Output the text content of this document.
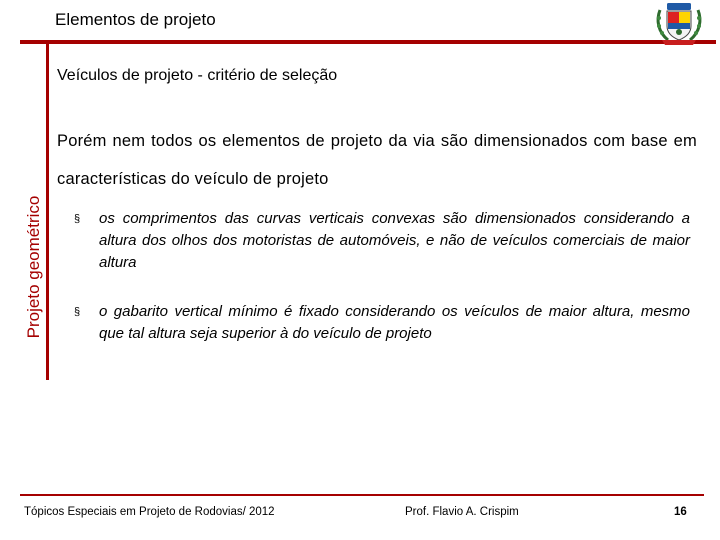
Elementos de projeto
Projeto geométrico
Veículos de projeto - critério de seleção
Porém nem todos os elementos de projeto da via são dimensionados com base em características do veículo de projeto
§ os comprimentos das curvas verticais convexas são dimensionados considerando a altura dos olhos dos motoristas de automóveis, e não de veículos comerciais de maior altura
§ o gabarito vertical mínimo é fixado considerando os veículos de maior altura, mesmo que tal altura seja superior à do veículo de projeto
Tópicos Especiais em Projeto de Rodovias/ 2012	Prof. Flavio A. Crispim	16
